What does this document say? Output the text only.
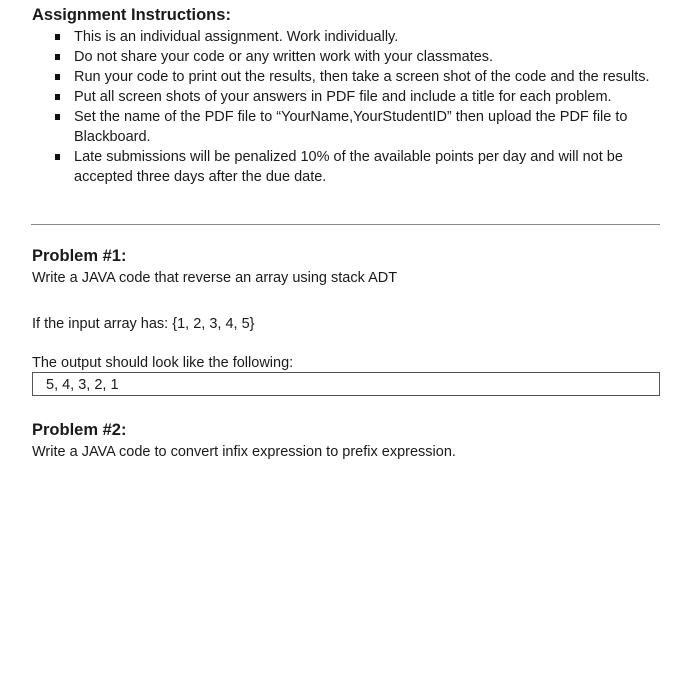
Assignment Instructions:
This is an individual assignment. Work individually.
Do not share your code or any written work with your classmates.
Run your code to print out the results, then take a screen shot of the code and the results.
Put all screen shots of your answers in PDF file and include a title for each problem.
Set the name of the PDF file to “YourName,YourStudentID” then upload the PDF file to Blackboard.
Late submissions will be penalized 10% of the available points per day and will not be accepted three days after the due date.
Problem #1:

Write a JAVA code that reverse an array using stack ADT

If the input array has: {1, 2, 3, 4, 5}

The output should look like the following:

5, 4, 3, 2, 1
Problem #2:

Write a JAVA code to convert infix expression to prefix expression.
